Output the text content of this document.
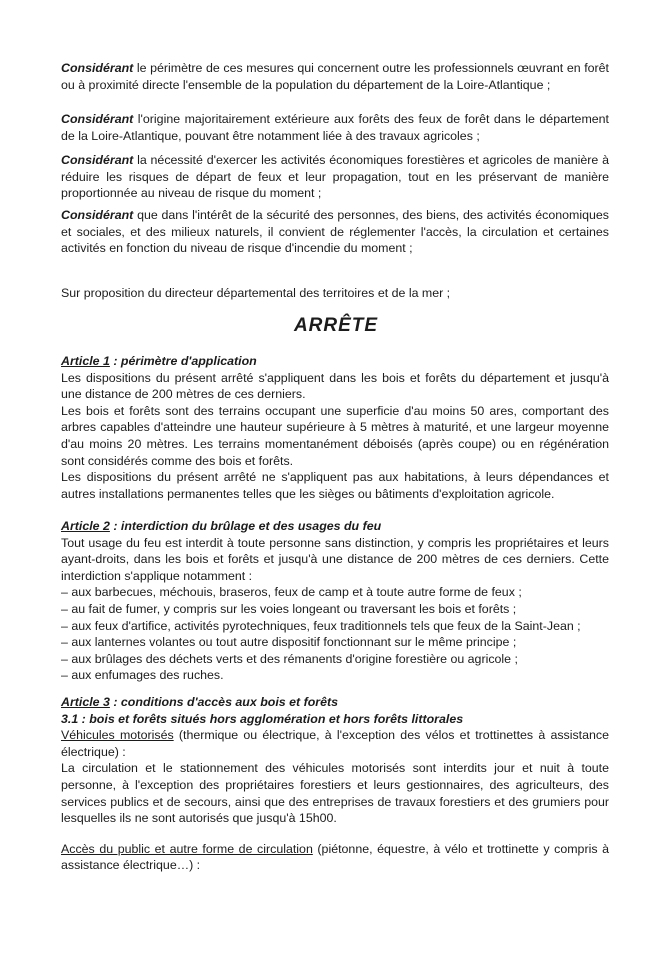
Considérant le périmètre de ces mesures qui concernent outre les professionnels œuvrant en forêt ou à proximité directe l'ensemble de la population du département de la Loire-Atlantique ;

Considérant l'origine majoritairement extérieure aux forêts des feux de forêt dans le département de la Loire-Atlantique, pouvant être notamment liée à des travaux agricoles ;

Considérant la nécessité d'exercer les activités économiques forestières et agricoles de manière à réduire les risques de départ de feux et leur propagation, tout en les préservant de manière proportionnée au niveau de risque du moment ;

Considérant que dans l'intérêt de la sécurité des personnes, des biens, des activités économiques et sociales, et des milieux naturels, il convient de réglementer l'accès, la circulation et certaines activités en fonction du niveau de risque d'incendie du moment ;

Sur proposition du directeur départemental des territoires et de la mer ;

ARRÊTE

Article 1 : périmètre d'application

Les dispositions du présent arrêté s'appliquent dans les bois et forêts du département et jusqu'à une distance de 200 mètres de ces derniers.

Les bois et forêts sont des terrains occupant une superficie d'au moins 50 ares, comportant des arbres capables d'atteindre une hauteur supérieure à 5 mètres à maturité, et une largeur moyenne d'au moins 20 mètres. Les terrains momentanément déboisés (après coupe) ou en régénération sont considérés comme des bois et forêts.

Les dispositions du présent arrêté ne s'appliquent pas aux habitations, à leurs dépendances et autres installations permanentes telles que les sièges ou bâtiments d'exploitation agricole.

Article 2 : interdiction du brûlage et des usages du feu

Tout usage du feu est interdit à toute personne sans distinction, y compris les propriétaires et leurs ayant-droits, dans les bois et forêts et jusqu'à une distance de 200 mètres de ces derniers. Cette interdiction s'applique notamment :

– aux barbecues, méchouis, braseros, feux de camp et à toute autre forme de feux ;
– au fait de fumer, y compris sur les voies longeant ou traversant les bois et forêts ;
– aux feux d'artifice, activités pyrotechniques, feux traditionnels tels que feux de la Saint-Jean ;
– aux lanternes volantes ou tout autre dispositif fonctionnant sur le même principe ;
– aux brûlages des déchets verts et des rémanents d'origine forestière ou agricole ;
– aux enfumages des ruches.

Article 3 : conditions d'accès aux bois et forêts

3.1 : bois et forêts situés hors agglomération et hors forêts littorales

Véhicules motorisés (thermique ou électrique, à l'exception des vélos et trottinettes à assistance électrique) :

La circulation et le stationnement des véhicules motorisés sont interdits jour et nuit à toute personne, à l'exception des propriétaires forestiers et leurs gestionnaires, des agriculteurs, des services publics et de secours, ainsi que des entreprises de travaux forestiers et des grumiers pour lesquelles ils ne sont autorisés que jusqu'à 15h00.

Accès du public et autre forme de circulation (piétonne, équestre, à vélo et trottinette y compris à assistance électrique…) :
